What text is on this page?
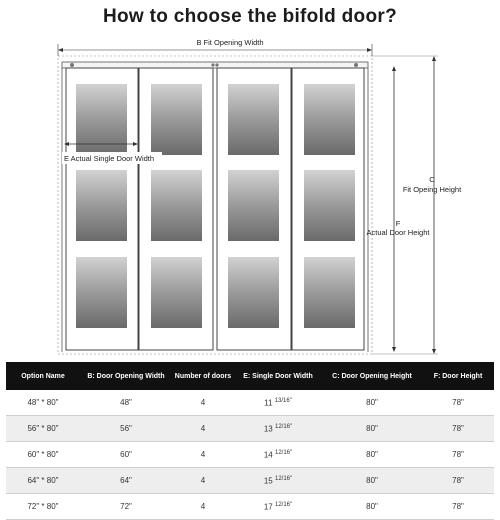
How to choose the bifold door?
B Fit Opening Width
E Actual Single Door Width
F
Actual Door Height
C
Fit Opeing Height
Option Name	B: Door Opening Width	Number of doors	E: Single Door Width	C: Door Opening Height	F: Door Height
48" * 80"	48"	4	11 $^{13/16"}$	80"	78"
56" * 80"	56"	4	13 $^{12/16"}$	80"	78"
60" * 80"	60"	4	14 $^{12/16"}$	80"	78"
64" * 80"	64"	4	15 $^{12/16"}$	80"	78"
72" * 80"	72"	4	17 $^{12/16"}$	80"	78"
